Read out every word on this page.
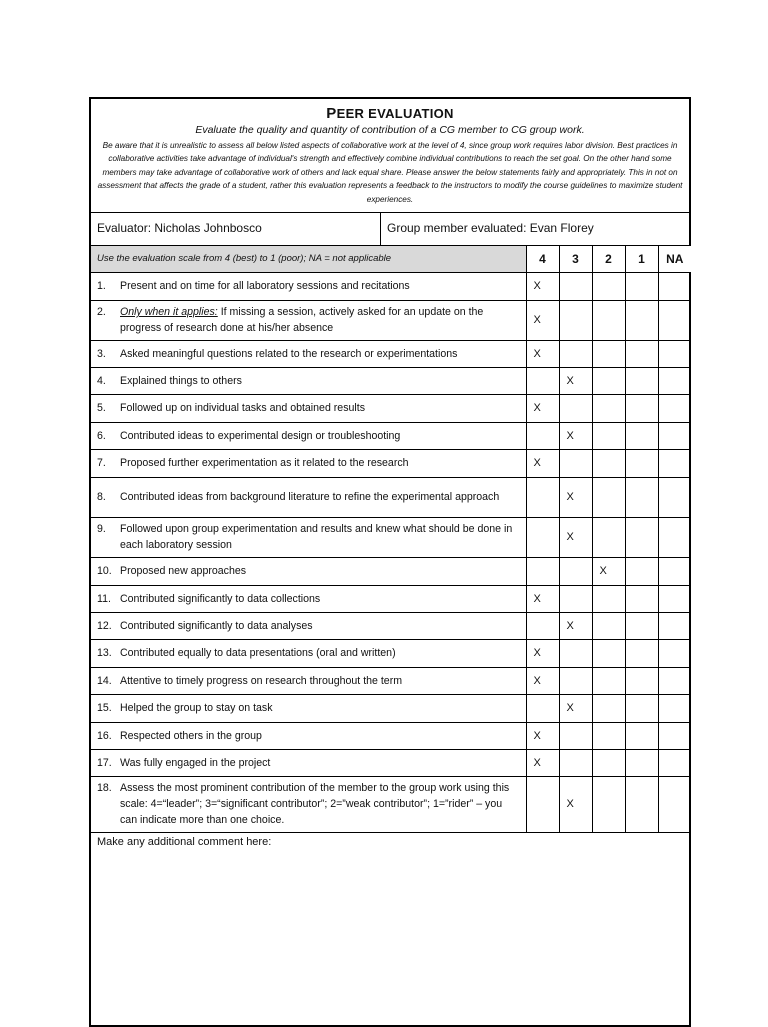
PEER EVALUATION
Evaluate the quality and quantity of contribution of a CG member to CG group work.
Be aware that it is unrealistic to assess all below listed aspects of collaborative work at the level of 4, since group work requires labor division. Best practices in collaborative activities take advantage of individual's strength and effectively combine individual contributions to reach the set goal. On the other hand some members may take advantage of collaborative work of others and lack equal share. Please answer the below statements fairly and appropriately. This in not on assessment that affects the grade of a student, rather this evaluation represents a feedback to the instructors to modify the course guidelines to maximize student experiences.
Evaluator: Nicholas Johnbosco	Group member evaluated: Evan Florey
Use the evaluation scale from 4 (best) to 1 (poor); NA = not applicable	4	3	2	1	NA

1. Present and on time for all laboratory sessions and recitations	X				

2. Only when it applies: If missing a session, actively asked for an update on the progress of research done at his/her absence	X				

3. Asked meaningful questions related to the research or experimentations	X				

4. Explained things to others		X			

5. Followed up on individual tasks and obtained results	X				

6. Contributed ideas to experimental design or troubleshooting		X			

7. Proposed further experimentation as it related to the research	X				

8. Contributed ideas from background literature to refine the experimental approach		X			

9. Followed upon group experimentation and results and knew what should be done in each laboratory session		X			

10. Proposed new approaches			X		

11. Contributed significantly to data collections	X				

12. Contributed significantly to data analyses		X			

13. Contributed equally to data presentations (oral and written)	X				

14. Attentive to timely progress on research throughout the term	X				

15. Helped the group to stay on task		X			

16. Respected others in the group	X				

17. Was fully engaged in the project	X				

18. Assess the most prominent contribution of the member to the group work using this scale: 4=“leader”; 3=“significant contributor”; 2=”weak contributor”; 1=”rider” – you can indicate more than one choice.		X			
Make any additional comment here:
